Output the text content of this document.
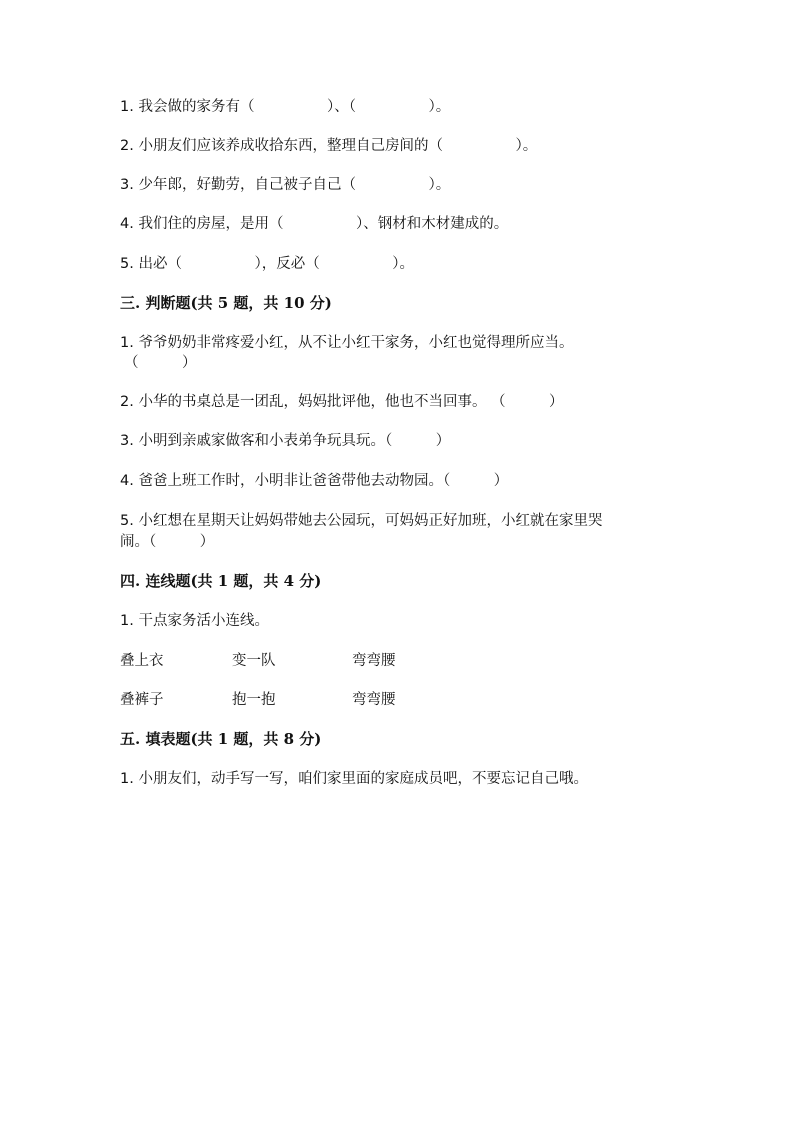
1. 我会做的家务有（　　　　　）、（　　　　　）。
2. 小朋友们应该养成收拾东西，整理自己房间的（　　　　　）。
3. 少年郎，好勤劳，自己被子自己（　　　　　）。
4. 我们住的房屋，是用（　　　　　）、钢材和木材建成的。
5. 出必（　　　　　），反必（　　　　　）。
三. 判断题(共 5 题，共 10 分)
1. 爷爷奶奶非常疼爱小红，从不让小红干家务，小红也觉得理所应当。
（　　　）
2. 小华的书桌总是一团乱，妈妈批评他，他也不当回事。 （　　　）
3. 小明到亲戚家做客和小表弟争玩具玩。（　　　）
4. 爸爸上班工作时，小明非让爸爸带他去动物园。（　　　）
5. 小红想在星期天让妈妈带她去公园玩，可妈妈正好加班，小红就在家里哭
闹。（　　　）
四. 连线题(共 1 题，共 4 分)
1. 干点家务活小连线。
叠上衣	变一队	弯弯腰
叠裤子	抱一抱	弯弯腰
五. 填表题(共 1 题，共 8 分)
1. 小朋友们，动手写一写，咱们家里面的家庭成员吧，不要忘记自己哦。
